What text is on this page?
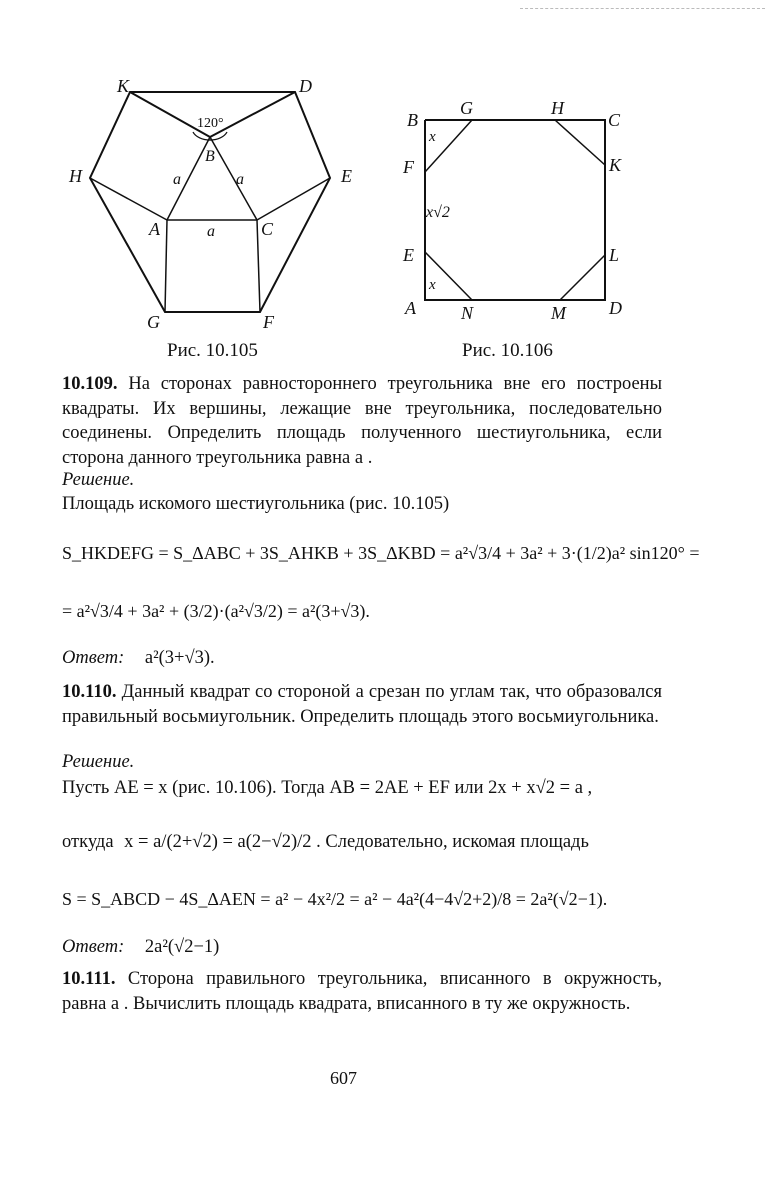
K	D
H	E
120°
B
a	a
A	a	C
G	F
Рис. 10.105
B
G	H
C
x
F	K
x√2
E	L
x
A	N	M D
Рис. 10.106
10.109. На сторонах равностороннего треугольника вне его построены квадраты. Их вершины, лежащие вне треугольника, последовательно соединены. Определить площадь полученного шестиугольника, если сторона данного треугольника равна a .
Решение.
Площадь искомого шестиугольника (рис. 10.105)
S_HKDEFG = S_ΔABC + 3S_AHKB + 3S_ΔKBD = a²√3/4 + 3a² + 3·(1/2)a² sin120° =
= a²√3/4 + 3a² + (3/2)·(a²√3/2) = a²(3+√3).
Ответ: a²(3+√3).
10.110. Данный квадрат со стороной a срезан по углам так, что образовался правильный восьмиугольник. Определить площадь этого восьмиугольника.
Решение.
Пусть AE = x (рис. 10.106). Тогда AB = 2AE + EF или 2x + x√2 = a ,
откуда x = a/(2+√2) = a(2−√2)/2 . Следовательно, искомая площадь
S = S_ABCD − 4S_ΔAEN = a² − 4x²/2 = a² − 4a²(4−4√2+2)/8 = 2a²(√2−1).
Ответ: 2a²(√2−1)
10.111. Сторона правильного треугольника, вписанного в окружность, равна a . Вычислить площадь квадрата, вписанного в ту же окружность.
607
